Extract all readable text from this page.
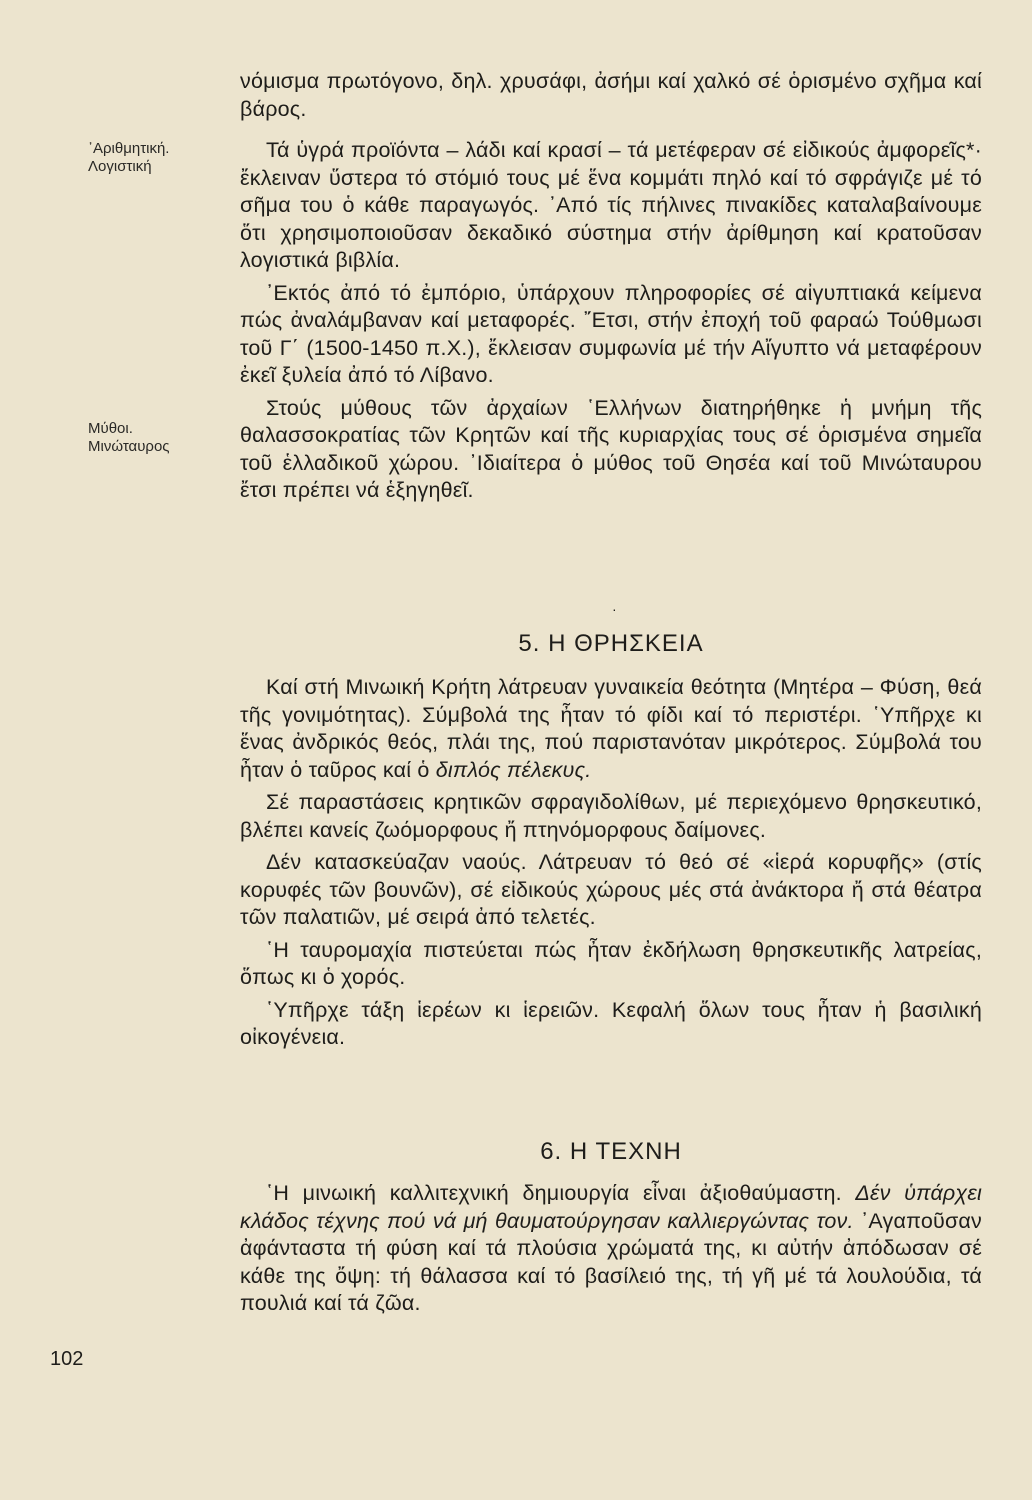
᾿Αριθμητική.
Λογιστική
Μύθοι.
Μινώταυρος

νόμισμα πρωτόγονο, δηλ. χρυσάφι, ἀσήμι καί χαλκό σέ ὁρισμένο σχῆμα καί βάρος.

Τά ὑγρά προϊόντα – λάδι καί κρασί – τά μετέφεραν σέ εἰδικούς ἀμφορεῖς*· ἔκλειναν ὕστερα τό στόμιό τους μέ ἕνα κομμάτι πηλό καί τό σφράγιζε μέ τό σῆμα του ὁ κάθε παραγωγός. ᾿Από τίς πήλινες πινακίδες καταλαβαίνουμε ὅτι χρησιμοποιοῦσαν δεκαδικό σύστημα στήν ἀρίθμηση καί κρατοῦσαν λογιστικά βιβλία.

᾿Εκτός ἀπό τό ἐμπόριο, ὑπάρχουν πληροφορίες σέ αἰγυπτιακά κείμενα πώς ἀναλάμβαναν καί μεταφορές. ῎Ετσι, στήν ἐποχή τοῦ φαραώ Τούθμωσι τοῦ Γ΄ (1500-1450 π.Χ.), ἔκλεισαν συμφωνία μέ τήν Αἴγυπτο νά μεταφέρουν ἐκεῖ ξυλεία ἀπό τό Λίβανο.

Στούς μύθους τῶν ἀρχαίων ῾Ελλήνων διατηρήθηκε ἡ μνήμη τῆς θαλασσοκρατίας τῶν Κρητῶν καί τῆς κυριαρχίας τους σέ ὁρισμένα σημεῖα τοῦ ἑλλαδικοῦ χώρου. ᾿Ιδιαίτερα ὁ μύθος τοῦ Θησέα καί τοῦ Μινώταυρου ἔτσι πρέπει νά ἑξηγηθεῖ.

·
5. Η ΘΡΗΣΚΕΙΑ

Καί στή Μινωική Κρήτη λάτρευαν γυναικεία θεότητα (Μητέρα – Φύση, θεά τῆς γονιμότητας). Σύμβολά της ἦταν τό φίδι καί τό περιστέρι. ῾Υπῆρχε κι ἕνας ἀνδρικός θεός, πλάι της, πού παριστανόταν μικρότερος. Σύμβολά του ἦταν ὁ ταῦρος καί ὁ διπλός πέλεκυς.

Σέ παραστάσεις κρητικῶν σφραγιδολίθων, μέ περιεχόμενο θρησκευτικό, βλέπει κανείς ζωόμορφους ἤ πτηνόμορφους δαίμονες.

Δέν κατασκεύαζαν ναούς. Λάτρευαν τό θεό σέ «ἱερά κορυφῆς» (στίς κορυφές τῶν βουνῶν), σέ εἰδικούς χώρους μές στά ἀνάκτορα ἤ στά θέατρα τῶν παλατιῶν, μέ σειρά ἀπό τελετές.

῾Η ταυρομαχία πιστεύεται πώς ἦταν ἐκδήλωση θρησκευτικῆς λατρείας, ὅπως κι ὁ χορός.

῾Υπῆρχε τάξη ἱερέων κι ἱερειῶν. Κεφαλή ὅλων τους ἦταν ἡ βασιλική οἰκογένεια.

6. Η ΤΕΧΝΗ

῾Η μινωική καλλιτεχνική δημιουργία εἶναι ἀξιοθαύμαστη. Δέν ὑπάρχει κλάδος τέχνης πού νά μή θαυματούργησαν καλλιεργώντας τον. ᾿Αγαποῦσαν ἀφάνταστα τή φύση καί τά πλούσια χρώματά της, κι αὐτήν ἀπόδωσαν σέ κάθε της ὄψη: τή θάλασσα καί τό βασίλειό της, τή γῆ μέ τά λουλούδια, τά πουλιά καί τά ζῶα.

102
